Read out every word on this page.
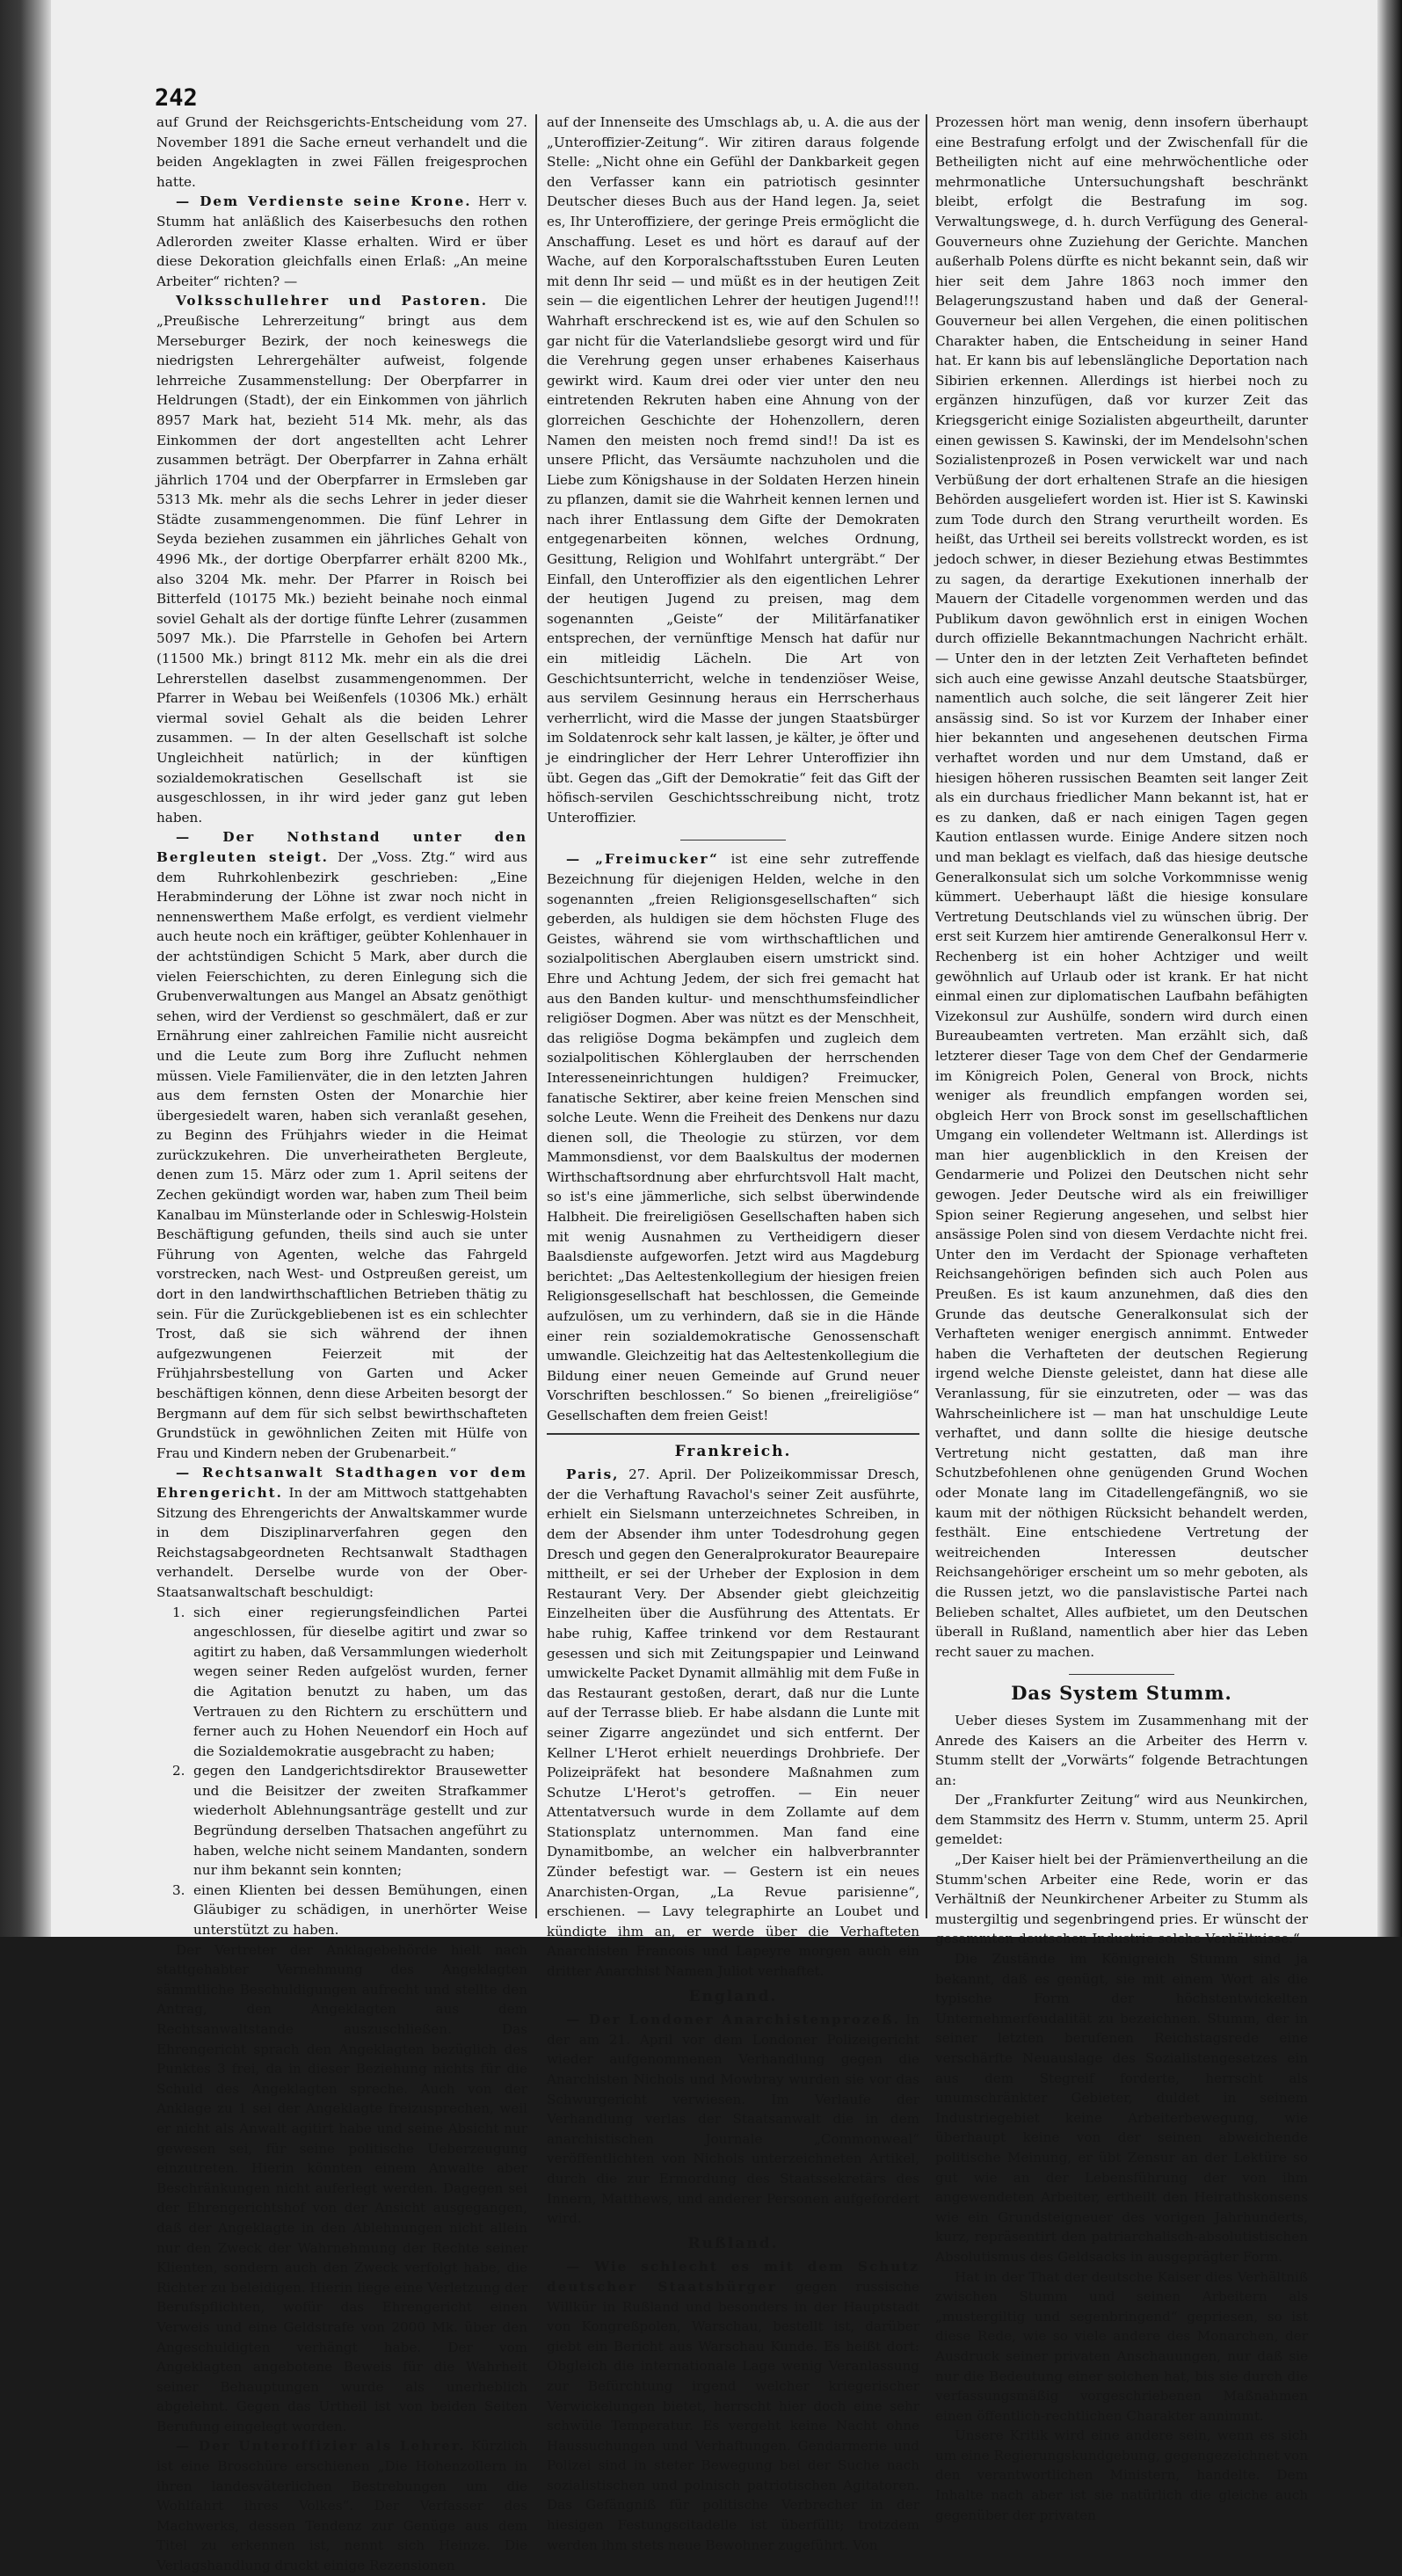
242

auf Grund der Reichsgerichts-Entscheidung vom 27. November 1891 die Sache erneut verhandelt und die beiden Angeklagten in zwei Fällen freigesprochen hatte.

— Dem Verdienste seine Krone. Herr v. Stumm hat anläßlich des Kaiserbesuchs den rothen Adlerorden zweiter Klasse erhalten. Wird er über diese Dekoration gleichfalls einen Erlaß: „An meine Arbeiter“ richten? —

Volksschullehrer und Pastoren. Die „Preußische Lehrerzeitung“ bringt aus dem Merseburger Bezirk, der noch keineswegs die niedrigsten Lehrergehälter aufweist, folgende lehrreiche Zusammenstellung: Der Oberpfarrer in Heldrungen (Stadt), der ein Einkommen von jährlich 8957 Mark hat, bezieht 514 Mk. mehr, als das Einkommen der dort angestellten acht Lehrer zusammen beträgt. Der Oberpfarrer in Zahna erhält jährlich 1704 und der Oberpfarrer in Ermsleben gar 5313 Mk. mehr als die sechs Lehrer in jeder dieser Städte zusammengenommen. Die fünf Lehrer in Seyda beziehen zusammen ein jährliches Gehalt von 4996 Mk., der dortige Oberpfarrer erhält 8200 Mk., also 3204 Mk. mehr. Der Pfarrer in Roisch bei Bitterfeld (10175 Mk.) bezieht beinahe noch einmal soviel Gehalt als der dortige fünfte Lehrer (zusammen 5097 Mk.). Die Pfarrstelle in Gehofen bei Artern (11500 Mk.) bringt 8112 Mk. mehr ein als die drei Lehrerstellen daselbst zusammengenommen. Der Pfarrer in Webau bei Weißenfels (10306 Mk.) erhält viermal soviel Gehalt als die beiden Lehrer zusammen. — In der alten Gesellschaft ist solche Ungleichheit natürlich; in der künftigen sozialdemokratischen Gesellschaft ist sie ausgeschlossen, in ihr wird jeder ganz gut leben haben.

— Der Nothstand unter den Bergleuten steigt. Der „Voss. Ztg.“ wird aus dem Ruhrkohlenbezirk geschrieben: „Eine Herabminderung der Löhne ist zwar noch nicht in nennenswerthem Maße erfolgt, es verdient vielmehr auch heute noch ein kräftiger, geübter Kohlenhauer in der achtstündigen Schicht 5 Mark, aber durch die vielen Feierschichten, zu deren Einlegung sich die Grubenverwaltungen aus Mangel an Absatz genöthigt sehen, wird der Verdienst so geschmälert, daß er zur Ernährung einer zahlreichen Familie nicht ausreicht und die Leute zum Borg ihre Zuflucht nehmen müssen. Viele Familienväter, die in den letzten Jahren aus dem fernsten Osten der Monarchie hier übergesiedelt waren, haben sich veranlaßt gesehen, zu Beginn des Frühjahrs wieder in die Heimat zurückzukehren. Die unverheiratheten Bergleute, denen zum 15. März oder zum 1. April seitens der Zechen gekündigt worden war, haben zum Theil beim Kanalbau im Münsterlande oder in Schleswig-Holstein Beschäftigung gefunden, theils sind auch sie unter Führung von Agenten, welche das Fahrgeld vorstrecken, nach West- und Ostpreußen gereist, um dort in den landwirthschaftlichen Betrieben thätig zu sein. Für die Zurückgebliebenen ist es ein schlechter Trost, daß sie sich während der ihnen aufgezwungenen Feierzeit mit der Frühjahrsbestellung von Garten und Acker beschäftigen können, denn diese Arbeiten besorgt der Bergmann auf dem für sich selbst bewirthschafteten Grundstück in gewöhnlichen Zeiten mit Hülfe von Frau und Kindern neben der Grubenarbeit.“

— Rechtsanwalt Stadthagen vor dem Ehrengericht. In der am Mittwoch stattgehabten Sitzung des Ehrengerichts der Anwaltskammer wurde in dem Disziplinarverfahren gegen den Reichstagsabgeordneten Rechtsanwalt Stadthagen verhandelt. Derselbe wurde von der Ober-Staatsanwaltschaft beschuldigt:

1. sich einer regierungsfeindlichen Partei angeschlossen, für dieselbe agitirt und zwar so agitirt zu haben, daß Versammlungen wiederholt wegen seiner Reden aufgelöst wurden, ferner die Agitation benutzt zu haben, um das Vertrauen zu den Richtern zu erschüttern und ferner auch zu Hohen Neuendorf ein Hoch auf die Sozialdemokratie ausgebracht zu haben;

2. gegen den Landgerichtsdirektor Brausewetter und die Beisitzer der zweiten Strafkammer wiederholt Ablehnungsanträge gestellt und zur Begründung derselben Thatsachen angeführt zu haben, welche nicht seinem Mandanten, sondern nur ihm bekannt sein konnten;

3. einen Klienten bei dessen Bemühungen, einen Gläubiger zu schädigen, in unerhörter Weise unterstützt zu haben.

Der Vertreter der Anklagebehörde hielt nach stattgehabter Vernehmung des Angeklagten sämmtliche Beschuldigungen aufrecht und stellte den Antrag, den Angeklagten aus dem Rechtsanwaltstande auszuschließen. Das Ehrengericht sprach den Angeklagten bezüglich des Punktes 3 frei, da in dieser Beziehung nichts für die Schuld des Angeklagten spreche. Auch von der Anklage zu 1 sei der Angeklagte freizusprechen, weil er nicht als Anwalt agitirt habe und seine Absicht nur gewesen sei, für seine politische Ueberzeugung einzutreten. Hierin könnten einem Anwalte aber Beschränkungen nicht auferlegt werden. Dagegen sei der Ehrengerichtshof von der Ansicht ausgegangen, daß der Angeklagte in den Ablehnungen nicht allein nur den Zweck der Wahrnehmung der Rechte seiner Klienten, sondern auch den Zweck verfolgt habe, die Richter zu beleidigen. Hierin liege eine Verletzung der Berufspflichten, wofür das Ehrengericht einen Verweis und eine Geldstrafe von 2000 Mk. über den Angeschuldigten verhängt habe. Der vom Angeklagten angebotene Beweis für die Wahrheit seiner Behauptungen wurde als unerheblich abgelehnt. Gegen das Urtheil ist von beiden Seiten Berufung eingelegt worden.

— Der Unteroffizier als Lehrer. Kürzlich ist eine Broschüre erschienen „Die Hohenzollern in ihren landesväterlichen Bestrebungen um die Wohlfahrt ihres Volkes“. Der Verfasser des Machwerks, dessen Tendenz zur Genüge aus dem Titel zu erkennen ist, nennt sich Heinze. Die Verlagshandlung druckt einige Rezensionen

auf der Innenseite des Umschlags ab, u. A. die aus der „Unteroffizier-Zeitung“. Wir zitiren daraus folgende Stelle: „Nicht ohne ein Gefühl der Dankbarkeit gegen den Verfasser kann ein patriotisch gesinnter Deutscher dieses Buch aus der Hand legen. Ja, seiet es, Ihr Unteroffiziere, der geringe Preis ermöglicht die Anschaffung. Leset es und hört es darauf auf der Wache, auf den Korporalschaftsstuben Euren Leuten mit denn Ihr seid — und müßt es in der heutigen Zeit sein — die eigentlichen Lehrer der heutigen Jugend!!! Wahrhaft erschreckend ist es, wie auf den Schulen so gar nicht für die Vaterlandsliebe gesorgt wird und für die Verehrung gegen unser erhabenes Kaiserhaus gewirkt wird. Kaum drei oder vier unter den neu eintretenden Rekruten haben eine Ahnung von der glorreichen Geschichte der Hohenzollern, deren Namen den meisten noch fremd sind!! Da ist es unsere Pflicht, das Versäumte nachzuholen und die Liebe zum Königshause in der Soldaten Herzen hinein zu pflanzen, damit sie die Wahrheit kennen lernen und nach ihrer Entlassung dem Gifte der Demokraten entgegenarbeiten können, welches Ordnung, Gesittung, Religion und Wohlfahrt untergräbt.“ Der Einfall, den Unteroffizier als den eigentlichen Lehrer der heutigen Jugend zu preisen, mag dem sogenannten „Geiste“ der Militärfanatiker entsprechen, der vernünftige Mensch hat dafür nur ein mitleidig Lächeln. Die Art von Geschichtsunterricht, welche in tendenziöser Weise, aus servilem Gesinnung heraus ein Herrscherhaus verherrlicht, wird die Masse der jungen Staatsbürger im Soldatenrock sehr kalt lassen, je kälter, je öfter und je eindringlicher der Herr Lehrer Unteroffizier ihn übt. Gegen das „Gift der Demokratie“ feit das Gift der höfisch-servilen Geschichtsschreibung nicht, trotz Unteroffizier.

— „Freimucker“ ist eine sehr zutreffende Bezeichnung für diejenigen Helden, welche in den sogenannten „freien Religionsgesellschaften“ sich geberden, als huldigen sie dem höchsten Fluge des Geistes, während sie vom wirthschaftlichen und sozialpolitischen Aberglauben eisern umstrickt sind. Ehre und Achtung Jedem, der sich frei gemacht hat aus den Banden kultur- und menschthumsfeindlicher religiöser Dogmen. Aber was nützt es der Menschheit, das religiöse Dogma bekämpfen und zugleich dem sozialpolitischen Köhlerglauben der herrschenden Interesseneinrichtungen huldigen? Freimucker, fanatische Sektirer, aber keine freien Menschen sind solche Leute. Wenn die Freiheit des Denkens nur dazu dienen soll, die Theologie zu stürzen, vor dem Mammonsdienst, vor dem Baalskultus der modernen Wirthschaftsordnung aber ehrfurchtsvoll Halt macht, so ist's eine jämmerliche, sich selbst überwindende Halbheit. Die freireligiösen Gesellschaften haben sich mit wenig Ausnahmen zu Vertheidigern dieser Baalsdienste aufgeworfen. Jetzt wird aus Magdeburg berichtet: „Das Aeltestenkollegium der hiesigen freien Religionsgesellschaft hat beschlossen, die Gemeinde aufzulösen, um zu verhindern, daß sie in die Hände einer rein sozialdemokratische Genossenschaft umwandle. Gleichzeitig hat das Aeltestenkollegium die Bildung einer neuen Gemeinde auf Grund neuer Vorschriften beschlossen.“ So bienen „freireligiöse“ Gesellschaften dem freien Geist!

Frankreich.

Paris, 27. April. Der Polizeikommissar Dresch, der die Verhaftung Ravachol's seiner Zeit ausführte, erhielt ein Sielsmann unterzeichnetes Schreiben, in dem der Absender ihm unter Todesdrohung gegen Dresch und gegen den Generalprokurator Beaurepaire mittheilt, er sei der Urheber der Explosion in dem Restaurant Very. Der Absender giebt gleichzeitig Einzelheiten über die Ausführung des Attentats. Er habe ruhig, Kaffee trinkend vor dem Restaurant gesessen und sich mit Zeitungspapier und Leinwand umwickelte Packet Dynamit allmählig mit dem Fuße in das Restaurant gestoßen, derart, daß nur die Lunte auf der Terrasse blieb. Er habe alsdann die Lunte mit seiner Zigarre angezündet und sich entfernt. Der Kellner L'Herot erhielt neuerdings Drohbriefe. Der Polizeipräfekt hat besondere Maßnahmen zum Schutze L'Herot's getroffen. — Ein neuer Attentatversuch wurde in dem Zollamte auf dem Stationsplatz unternommen. Man fand eine Dynamitbombe, an welcher ein halbverbrannter Zünder befestigt war. — Gestern ist ein neues Anarchisten-Organ, „La Revue parisienne“, erschienen. — Lavy telegraphirte an Loubet und kündigte ihm an, er werde über die Verhafteten Anarchisten Francois und Lapeyre morgen auch ein dritter Anarchist Namen Juliot verhaftet.

England.

— Der Londoner Anarchistenprozeß. In der am 21. April vor dem Londoner Polizeigericht wieder aufgenommenen Verhandlung gegen die Anarchisten Nichols und Mowbray wurden sie vor das Schwurgericht verwiesen. Im Verlaufe der Verhandlung verlas der Staatsanwalt die in dem anarchistischen Journale „Commonweal“ veröffentlichten von Nichols unterzeichneten Artikel, durch die zur Ermordung des Staatssekretärs des Innern, Matthews, und anderer Personen aufgefordert wird.

Rußland.

— Wie schlecht es mit dem Schutz deutscher Staatsbürger gegen russische Willkür in Rußland und besonders in der Hauptstadt von Kongreßpolen, Warschau, bestellt ist, darüber giebt ein Bericht aus Warschau Kunde. Es heißt dort: Obgleich die internationale Lage wenig Veranlassung zur Befürchtung irgend welcher kriegerischer Verwickelungen bietet, herrscht hier doch eine sehr schwüle Temperatur. Es vergeht keine Nacht ohne Haussuchungen und Verhaftungen. Gendarmerie und Polizei sind in steter Bewegung bei der Suche nach sozialistischen und polnisch patriotischen Agitatoren. Das Gefängniß für politische Verbrecher in der hiesigen Festungscitadelle ist überfüllt; trotzdem werden ihm stets neue Bewohner zugeführt. Von

Prozessen hört man wenig, denn insofern überhaupt eine Bestrafung erfolgt und der Zwischenfall für die Betheiligten nicht auf eine mehrwöchentliche oder mehrmonatliche Untersuchungshaft beschränkt bleibt, erfolgt die Bestrafung im sog. Verwaltungswege, d. h. durch Verfügung des General-Gouverneurs ohne Zuziehung der Gerichte. Manchen außerhalb Polens dürfte es nicht bekannt sein, daß wir hier seit dem Jahre 1863 noch immer den Belagerungszustand haben und daß der General-Gouverneur bei allen Vergehen, die einen politischen Charakter haben, die Entscheidung in seiner Hand hat. Er kann bis auf lebenslängliche Deportation nach Sibirien erkennen. Allerdings ist hierbei noch zu ergänzen hinzufügen, daß vor kurzer Zeit das Kriegsgericht einige Sozialisten abgeurtheilt, darunter einen gewissen S. Kawinski, der im Mendelsohn'schen Sozialistenprozeß in Posen verwickelt war und nach Verbüßung der dort erhaltenen Strafe an die hiesigen Behörden ausgeliefert worden ist. Hier ist S. Kawinski zum Tode durch den Strang verurtheilt worden. Es heißt, das Urtheil sei bereits vollstreckt worden, es ist jedoch schwer, in dieser Beziehung etwas Bestimmtes zu sagen, da derartige Exekutionen innerhalb der Mauern der Citadelle vorgenommen werden und das Publikum davon gewöhnlich erst in einigen Wochen durch offizielle Bekanntmachungen Nachricht erhält. — Unter den in der letzten Zeit Verhafteten befindet sich auch eine gewisse Anzahl deutsche Staatsbürger, namentlich auch solche, die seit längerer Zeit hier ansässig sind. So ist vor Kurzem der Inhaber einer hier bekannten und angesehenen deutschen Firma verhaftet worden und nur dem Umstand, daß er hiesigen höheren russischen Beamten seit langer Zeit als ein durchaus friedlicher Mann bekannt ist, hat er es zu danken, daß er nach einigen Tagen gegen Kaution entlassen wurde. Einige Andere sitzen noch und man beklagt es vielfach, daß das hiesige deutsche Generalkonsulat sich um solche Vorkommnisse wenig kümmert. Ueberhaupt läßt die hiesige konsulare Vertretung Deutschlands viel zu wünschen übrig. Der erst seit Kurzem hier amtirende Generalkonsul Herr v. Rechenberg ist ein hoher Achtziger und weilt gewöhnlich auf Urlaub oder ist krank. Er hat nicht einmal einen zur diplomatischen Laufbahn befähigten Vizekonsul zur Aushülfe, sondern wird durch einen Bureaubeamten vertreten. Man erzählt sich, daß letzterer dieser Tage von dem Chef der Gendarmerie im Königreich Polen, General von Brock, nichts weniger als freundlich empfangen worden sei, obgleich Herr von Brock sonst im gesellschaftlichen Umgang ein vollendeter Weltmann ist. Allerdings ist man hier augenblicklich in den Kreisen der Gendarmerie und Polizei den Deutschen nicht sehr gewogen. Jeder Deutsche wird als ein freiwilliger Spion seiner Regierung angesehen, und selbst hier ansässige Polen sind von diesem Verdachte nicht frei. Unter den im Verdacht der Spionage verhafteten Reichsangehörigen befinden sich auch Polen aus Preußen. Es ist kaum anzunehmen, daß dies den Grunde das deutsche Generalkonsulat sich der Verhafteten weniger energisch annimmt. Entweder haben die Verhafteten der deutschen Regierung irgend welche Dienste geleistet, dann hat diese alle Veranlassung, für sie einzutreten, oder — was das Wahrscheinlichere ist — man hat unschuldige Leute verhaftet, und dann sollte die hiesige deutsche Vertretung nicht gestatten, daß man ihre Schutzbefohlenen ohne genügenden Grund Wochen oder Monate lang im Citadellengefängniß, wo sie kaum mit der nöthigen Rücksicht behandelt werden, festhält. Eine entschiedene Vertretung der weitreichenden Interessen deutscher Reichsangehöriger erscheint um so mehr geboten, als die Russen jetzt, wo die panslavistische Partei nach Belieben schaltet, Alles aufbietet, um den Deutschen überall in Rußland, namentlich aber hier das Leben recht sauer zu machen.

Das System Stumm.

Ueber dieses System im Zusammenhang mit der Anrede des Kaisers an die Arbeiter des Herrn v. Stumm stellt der „Vorwärts“ folgende Betrachtungen an:

Der „Frankfurter Zeitung“ wird aus Neunkirchen, dem Stammsitz des Herrn v. Stumm, unterm 25. April gemeldet:

„Der Kaiser hielt bei der Prämienvertheilung an die Stumm'schen Arbeiter eine Rede, worin er das Verhältniß der Neunkirchener Arbeiter zu Stumm als mustergiltig und segenbringend pries. Er wünscht der gesammten deutschen Industrie solche Verhältnisse.“

Die Zustände im Königreich Stumm sind ja bekannt, daß es genügt, sie mit einem Wort als die typische Form der höchstentwickelten Unternehmerfeudalität zu bezeichnen. Stumm, der in seiner letzten berufenen Reichstagsrede eine verschärfte Neuauslage des Sozialistengesetzes ein aus dem Stegreif forderte, herrscht als unumschränkter Gebieter, duldet in seinem Industriegebiet keine Arbeiterbewegung, wie überhaupt keine von der seinen abweichende politische Meinung, er übt Zensur an der Lektüre so gut wie an der Lebensführung der von ihm angewendeten Arbeiter, ertheilt den Heirathskonsens wie ein Grundsteigneuer des vorigen Jahrhunderts, kurz, repräsentirt den patriarchalisch-absolutistischen Absolutismus des Geldsacks in ausgeprägter Form.

Hat in der That der deutsche Kaiser dies Verhältniß zwischen Stumm und seinen Arbeitern als „mustergiltig und segenbringend“ gepriesen, so ist diese Rede, wie so viele andere des Monarchen, der Ausdruck seiner privaten Anschauungen, nur daß sie nur die Bedeutung einer solchen hat, bis sie durch die verfassungsmäßig vorgeschriebenen Maßnahmen einen öffentlich-rechtlichen Charakter annimmt.

Unsere Kritik wird eine andere sein, wenn es sich um eine Regierungskundgebung, gegengezeichnet von den verantwortlichen Ministern, handelte. Dem Inhalte nach aber ist sie natürlich die gleiche auch gegenüber der privaten
